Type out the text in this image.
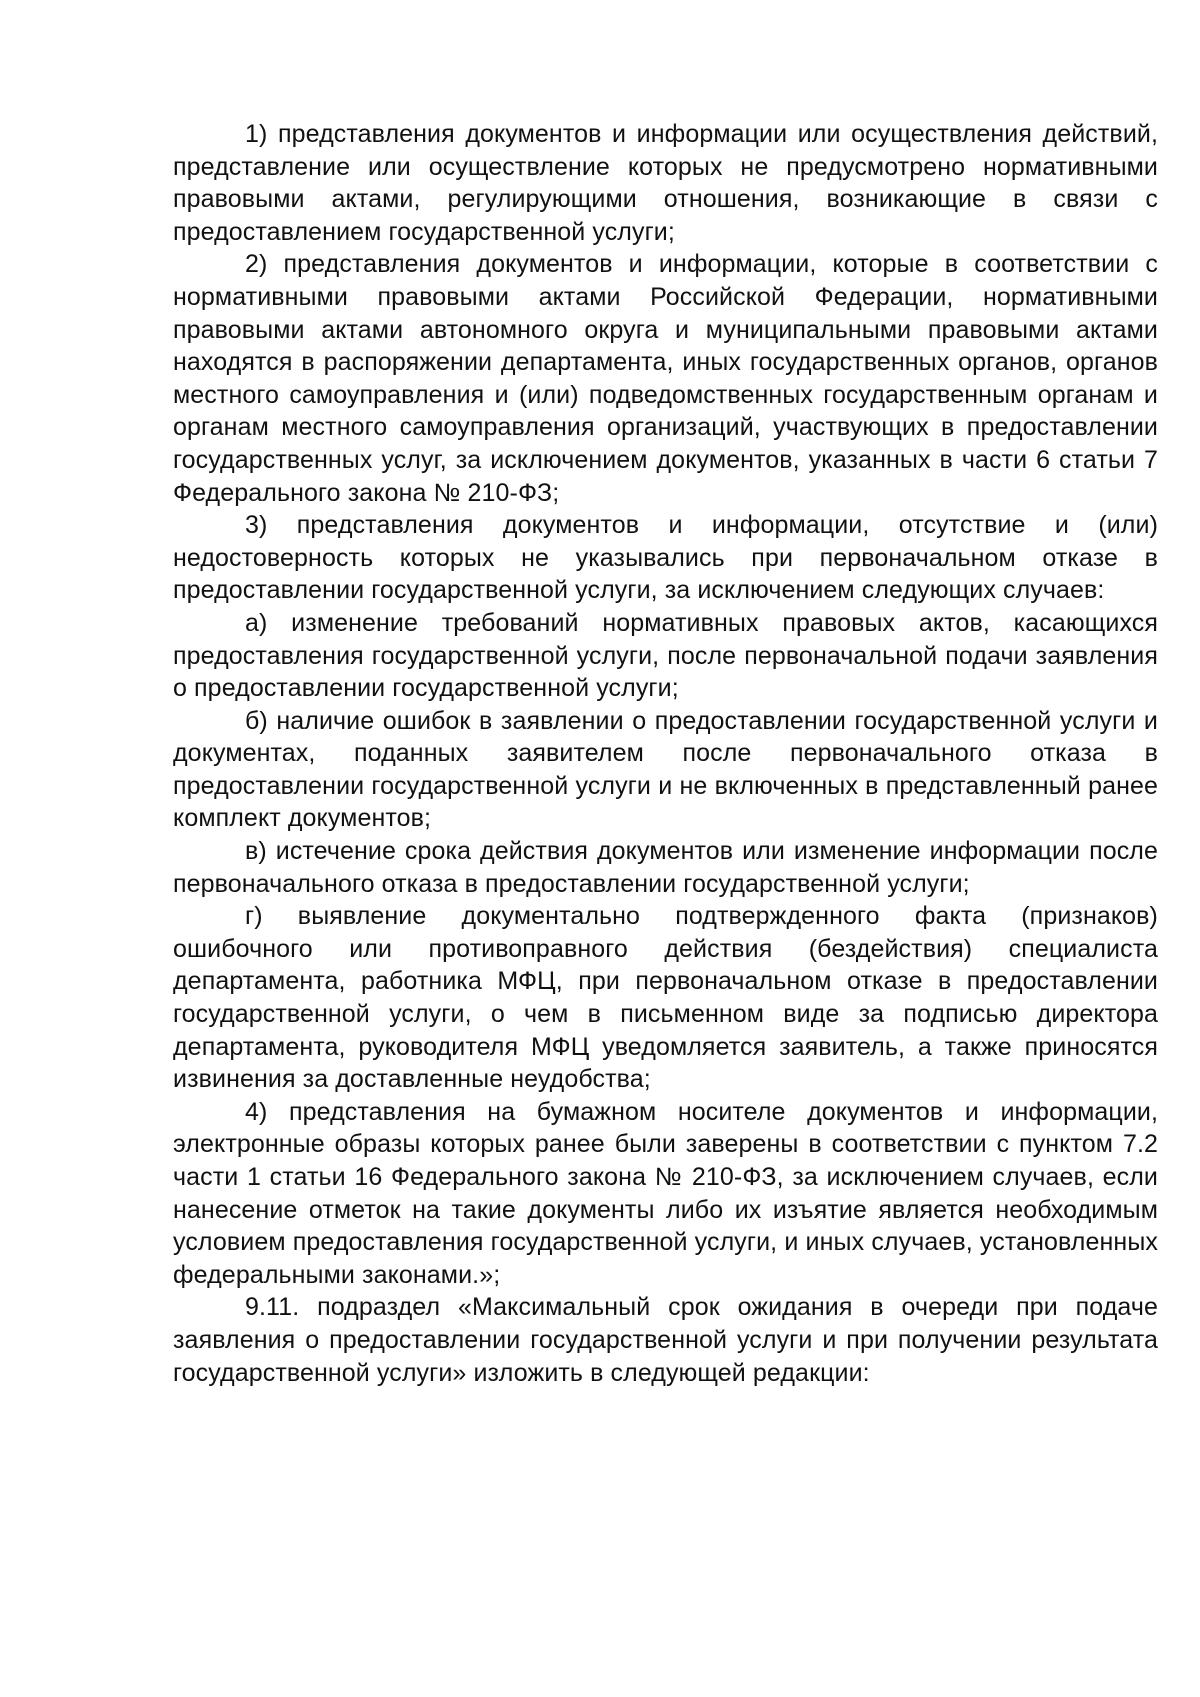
1) представления документов и информации или осуществления действий, представление или осуществление которых не предусмотрено нормативными правовыми актами, регулирующими отношения, возникающие в связи с предоставлением государственной услуги;

2) представления документов и информации, которые в соответствии с нормативными правовыми актами Российской Федерации, нормативными правовыми актами автономного округа и муниципальными правовыми актами находятся в распоряжении департамента, иных государственных органов, органов местного самоуправления и (или) подведомственных государственным органам и органам местного самоуправления организаций, участвующих в предоставлении государственных услуг, за исключением документов, указанных в части 6 статьи 7 Федерального закона № 210-ФЗ;

3) представления документов и информации, отсутствие и (или) недостоверность которых не указывались при первоначальном отказе в предоставлении государственной услуги, за исключением следующих случаев:

а) изменение требований нормативных правовых актов, касающихся предоставления государственной услуги, после первоначальной подачи заявления о предоставлении государственной услуги;

б) наличие ошибок в заявлении о предоставлении государственной услуги и документах, поданных заявителем после первоначального отказа в предоставлении государственной услуги и не включенных в представленный ранее комплект документов;

в) истечение срока действия документов или изменение информации после первоначального отказа в предоставлении государственной услуги;

г) выявление документально подтвержденного факта (признаков) ошибочного или противоправного действия (бездействия) специалиста департамента, работника МФЦ, при первоначальном отказе в предоставлении государственной услуги, о чем в письменном виде за подписью директора департамента, руководителя МФЦ уведомляется заявитель, а также приносятся извинения за доставленные неудобства;

4) представления на бумажном носителе документов и информации, электронные образы которых ранее были заверены в соответствии с пунктом 7.2 части 1 статьи 16 Федерального закона № 210-ФЗ, за исключением случаев, если нанесение отметок на такие документы либо их изъятие является необходимым условием предоставления государственной услуги, и иных случаев, установленных федеральными законами.»;

9.11. подраздел «Максимальный срок ожидания в очереди при подаче заявления о предоставлении государственной услуги и при получении результата государственной услуги» изложить в следующей редакции:
